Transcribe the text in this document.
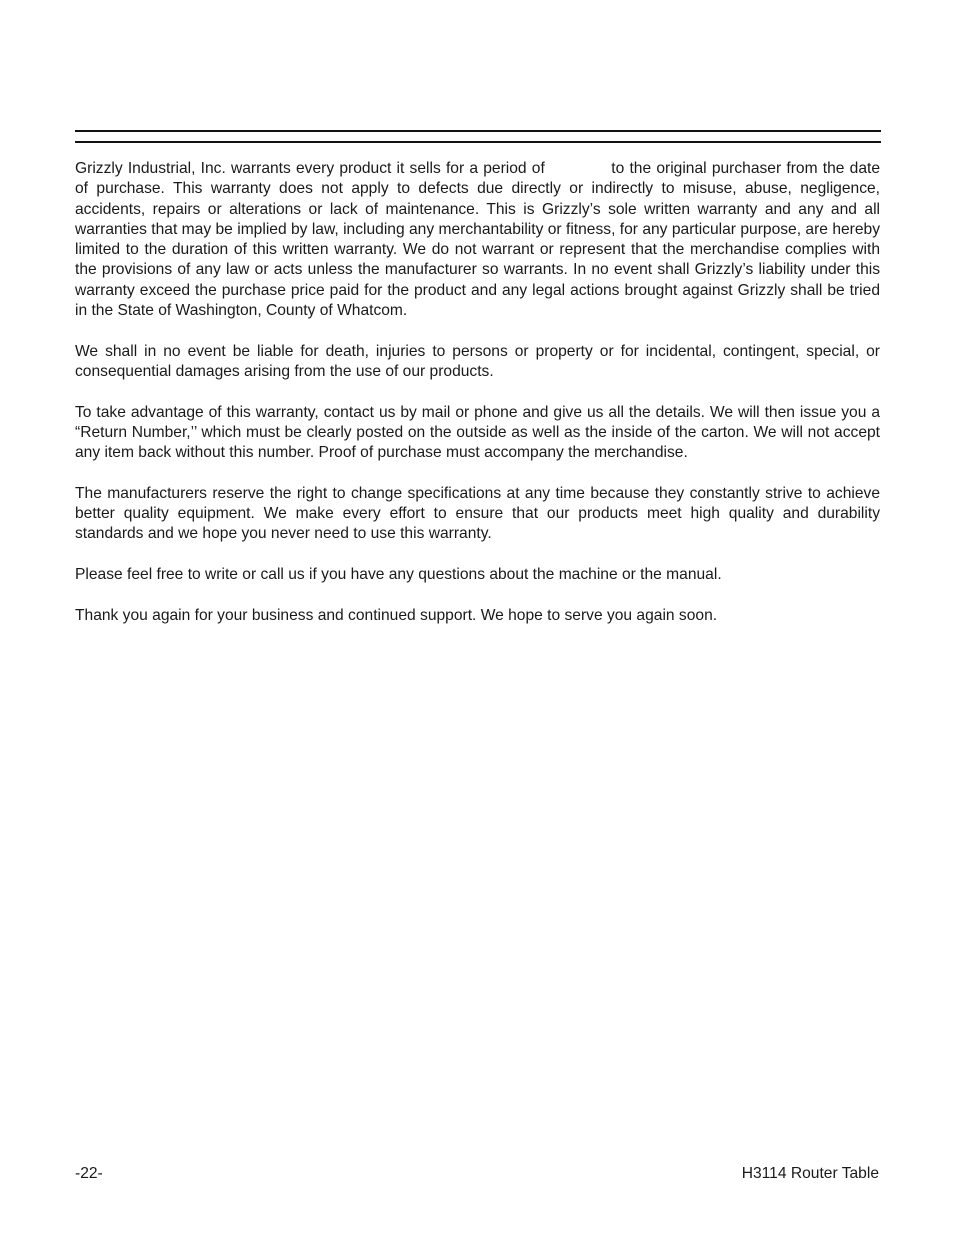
Grizzly Industrial, Inc. warrants every product it sells for a period of	to the original purchaser from the date of purchase. This warranty does not apply to defects due directly or indirectly to misuse, abuse, negligence, accidents, repairs or alterations or lack of maintenance. This is Grizzly’s sole written warranty and any and all warranties that may be implied by law, including any merchantability or fitness, for any particular purpose, are hereby limited to the duration of this written warranty. We do not warrant or represent that the merchandise complies with the provisions of any law or acts unless the manufacturer so warrants. In no event shall Grizzly’s liability under this warranty exceed the purchase price paid for the product and any legal actions brought against Grizzly shall be tried in the State of Washington, County of Whatcom.

We shall in no event be liable for death, injuries to persons or property or for incidental, contingent, special, or consequential damages arising from the use of our products.

To take advantage of this warranty, contact us by mail or phone and give us all the details. We will then issue you a “Return Number,’’ which must be clearly posted on the outside as well as the inside of the carton. We will not accept any item back without this number. Proof of purchase must accompany the merchandise.

The manufacturers reserve the right to change specifications at any time because they constantly strive to achieve better quality equipment. We make every effort to ensure that our products meet high quality and durability standards and we hope you never need to use this warranty.

Please feel free to write or call us if you have any questions about the machine or the manual.

Thank you again for your business and continued support. We hope to serve you again soon.

-22-	H3114 Router Table
